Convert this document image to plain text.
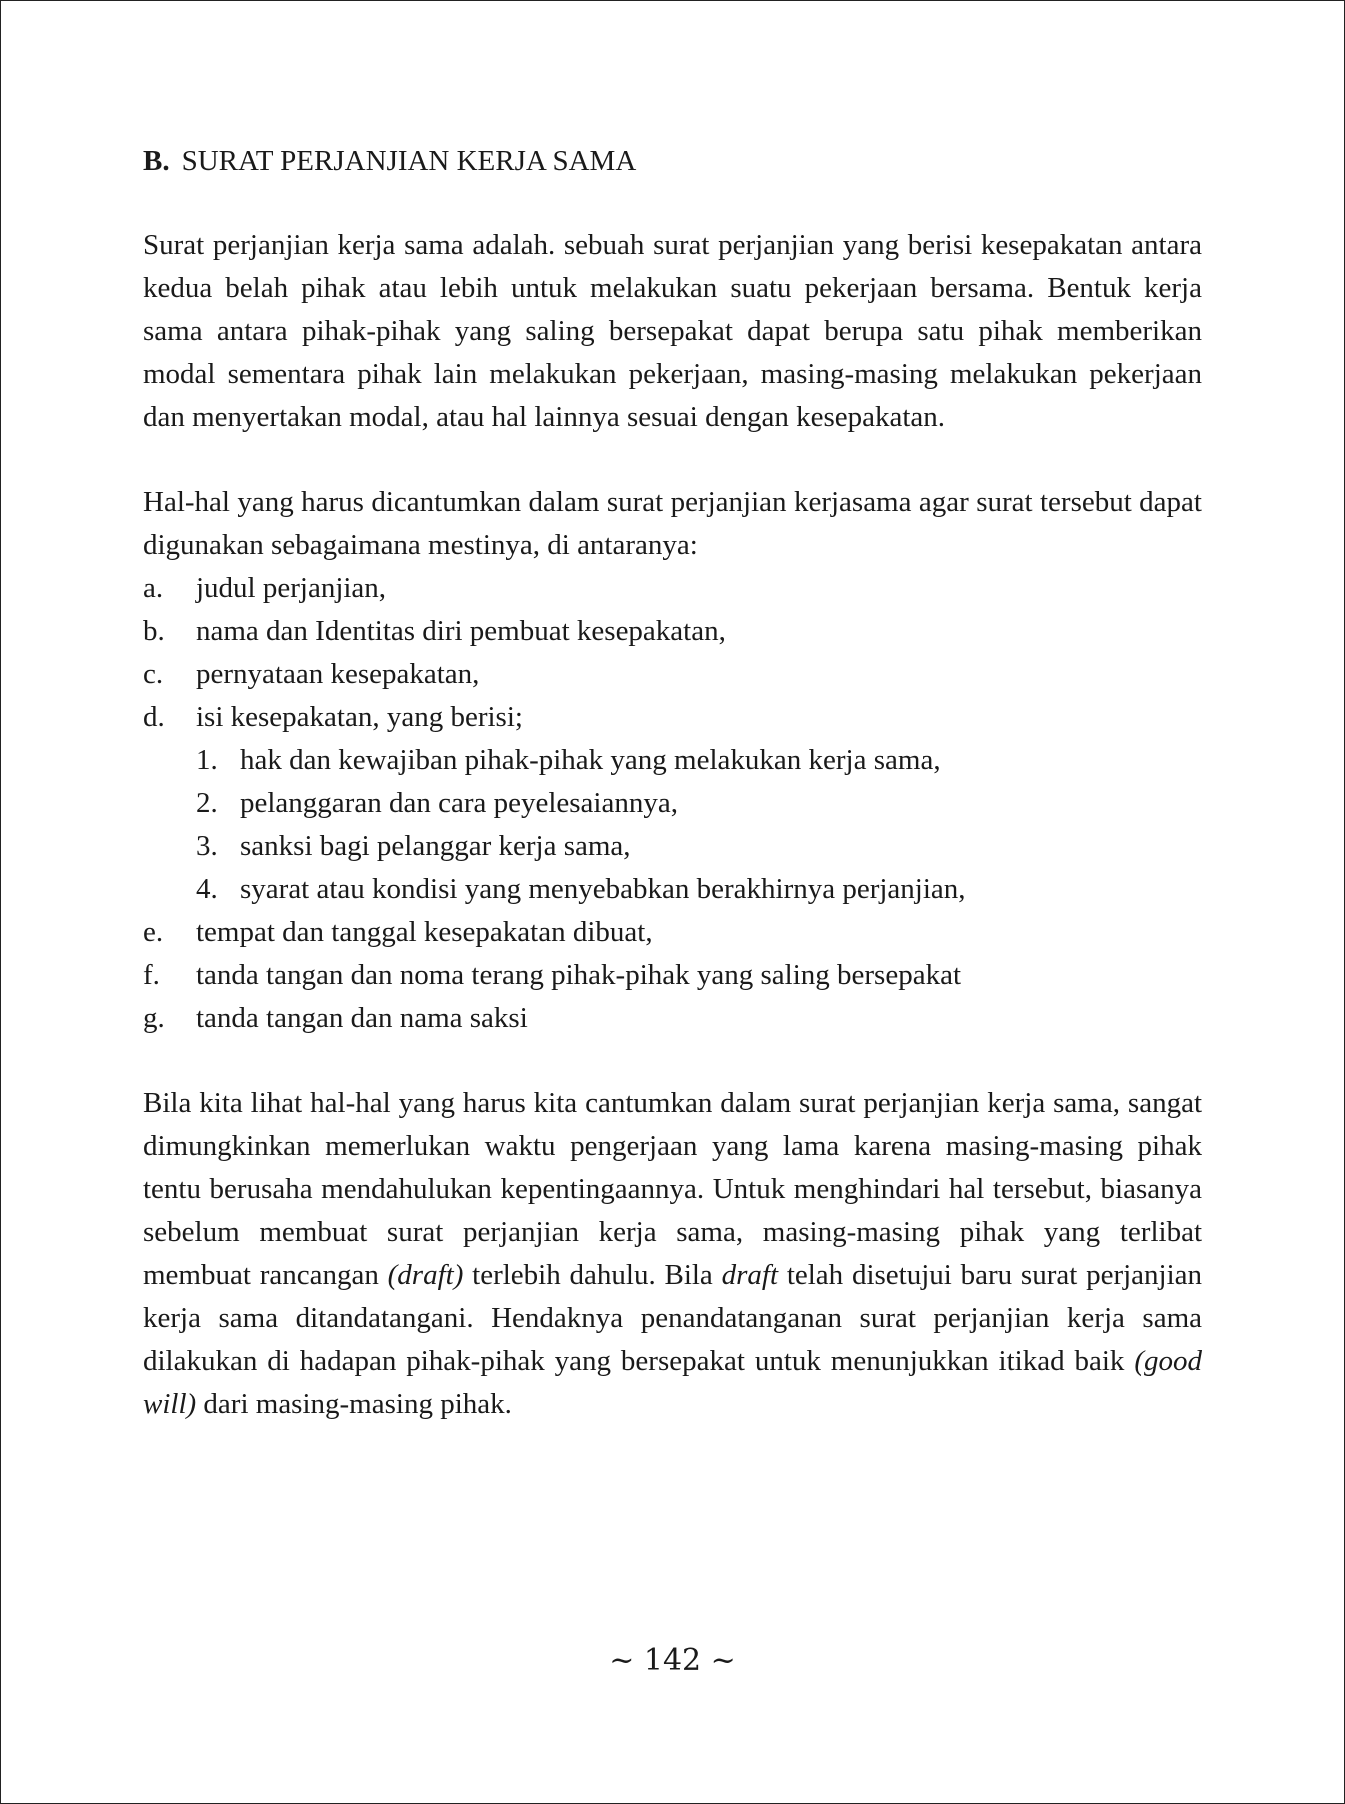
B. SURAT PERJANJIAN KERJA SAMA

Surat perjanjian kerja sama adalah. sebuah surat perjanjian yang berisi kesepakatan antara kedua belah pihak atau lebih untuk melakukan suatu pekerjaan bersama. Bentuk kerja sama antara pihak-pihak yang saling bersepakat dapat berupa satu pihak memberikan modal sementara pihak lain melakukan pekerjaan, masing-masing melakukan pekerjaan dan menyertakan modal, atau hal lainnya sesuai dengan kesepakatan.

Hal-hal yang harus dicantumkan dalam surat perjanjian kerjasama agar surat tersebut dapat digunakan sebagaimana mestinya, di antaranya:

a. judul perjanjian,
b. nama dan Identitas diri pembuat kesepakatan,
c. pernyataan kesepakatan,
d. isi kesepakatan, yang berisi;
1. hak dan kewajiban pihak-pihak yang melakukan kerja sama,
2. pelanggaran dan cara peyelesaiannya,
3. sanksi bagi pelanggar kerja sama,
4. syarat atau kondisi yang menyebabkan berakhirnya perjanjian,
e. tempat dan tanggal kesepakatan dibuat,
f. tanda tangan dan noma terang pihak-pihak yang saling bersepakat
g. tanda tangan dan nama saksi

Bila kita lihat hal-hal yang harus kita cantumkan dalam surat perjanjian kerja sama, sangat dimungkinkan memerlukan waktu pengerjaan yang lama karena masing-masing pihak tentu berusaha mendahulukan kepentingaannya. Untuk menghindari hal tersebut, biasanya sebelum membuat surat perjanjian kerja sama, masing-masing pihak yang terlibat membuat rancangan (draft) terlebih dahulu. Bila draft telah disetujui baru surat perjanjian kerja sama ditandatangani. Hendaknya penandatanganan surat perjanjian kerja sama dilakukan di hadapan pihak-pihak yang bersepakat untuk menunjukkan itikad baik (good will) dari masing-masing pihak.

~ 142 ~
